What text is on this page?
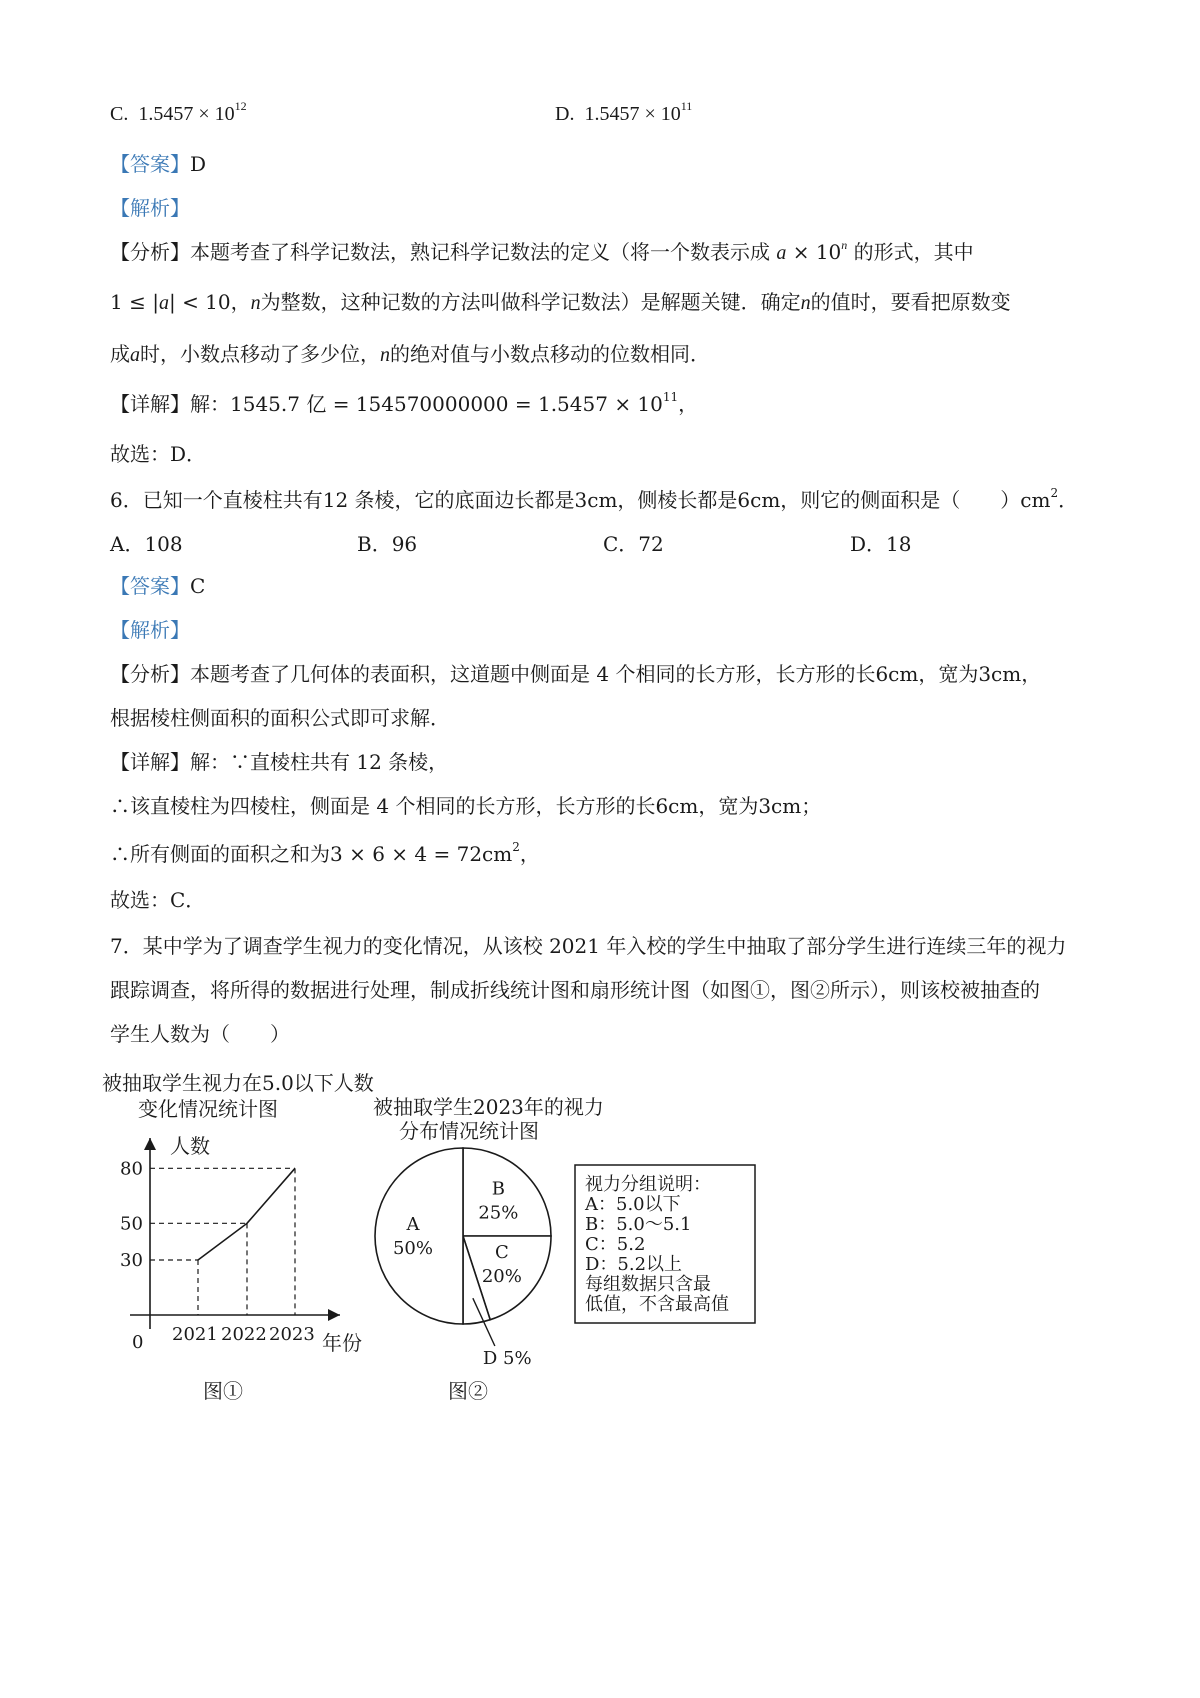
C. $1.5457 \times 10^{12}$	D. $1.5457 \times 10^{11}$
【答案】D
【解析】
【分析】本题考查了科学记数法，熟记科学记数法的定义（将一个数表示成 $a \times 10^n$ 的形式，其中
1 ≤ |a| < 10，n为整数，这种记数的方法叫做科学记数法）是解题关键．确定n的值时，要看把原数变
成a时，小数点移动了多少位，n的绝对值与小数点移动的位数相同．
【详解】解：1545.7 亿 = $154570000000 = 1.5457 \times 10^{11}$，
故选：D．
6．已知一个直棱柱共有12 条棱，它的底面边长都是3cm，侧棱长都是6cm，则它的侧面积是（　　）$cm^2$．
A．108	B．96	C．72	D．18
【答案】C
【解析】
【分析】本题考查了几何体的表面积，这道题中侧面是 4 个相同的长方形，长方形的长6cm，宽为3cm，
根据棱柱侧面积的面积公式即可求解．
【详解】解：∵直棱柱共有 12 条棱，
∴该直棱柱为四棱柱，侧面是 4 个相同的长方形，长方形的长6cm，宽为3cm；
∴所有侧面的面积之和为$3 \times 6 \times 4 = 72cm^2$，
故选：C．
7．某中学为了调查学生视力的变化情况，从该校 2021 年入校的学生中抽取了部分学生进行连续三年的视力
跟踪调查，将所得的数据进行处理，制成折线统计图和扇形统计图（如图①，图②所示），则该校被抽查的
学生人数为（　　）
被抽取学生视力在5.0以下人数
变化情况统计图
30
2021
50
2022
80
2023
人数
年份
0
图①
被抽取学生2023年的视力
分布情况统计图
A
50%
B
25%
C
20%
D 5%
视力分组说明：
A：5.0以下
B：5.0～5.1
C：5.2
D：5.2以上
每组数据只含最
低值，不含最高值
图②
